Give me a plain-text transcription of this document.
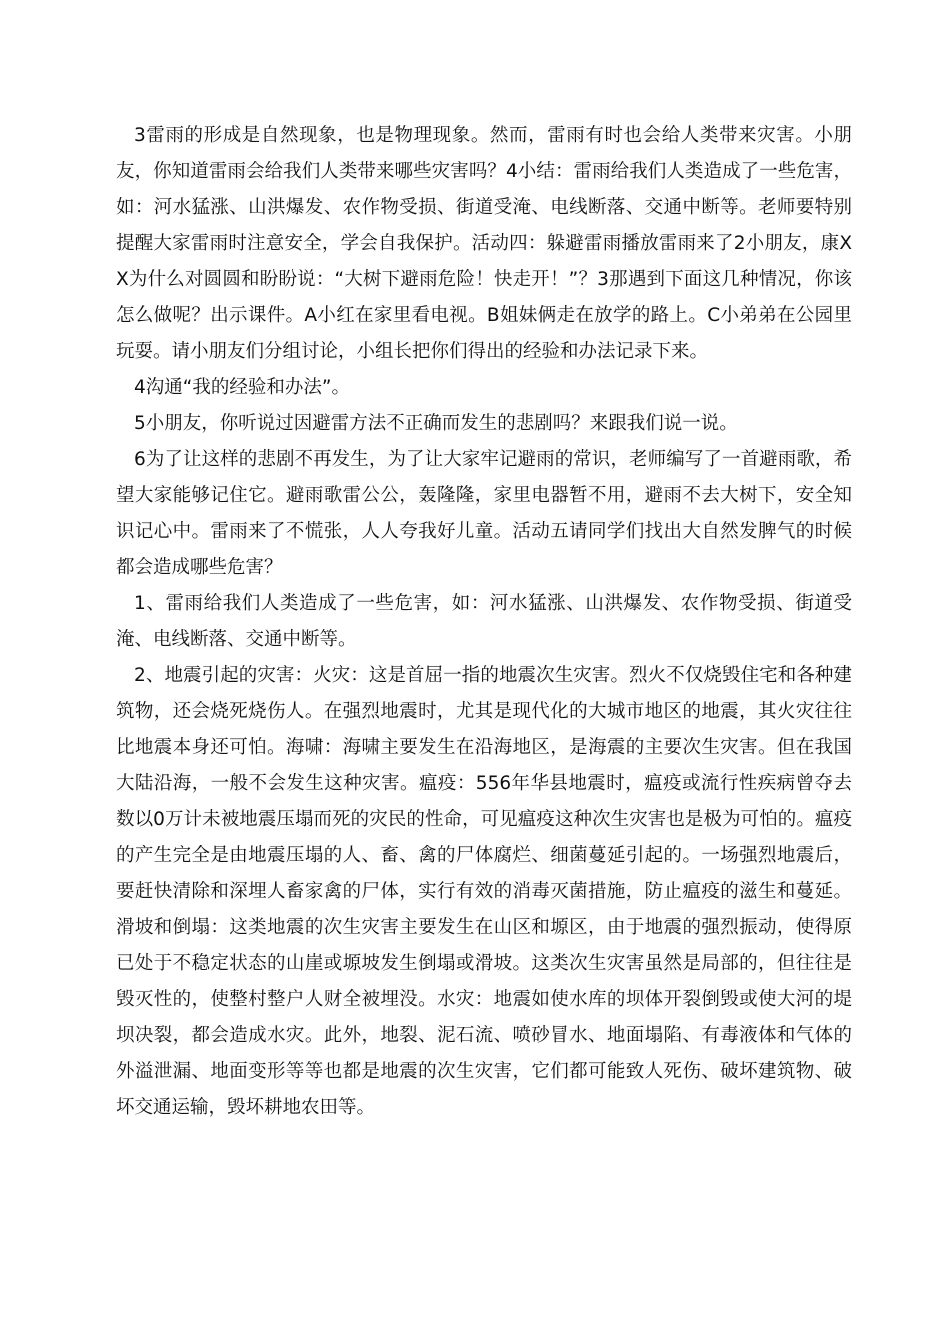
3雷雨的形成是自然现象，也是物理现象。然而，雷雨有时也会给人类带来灾害。小朋友，你知道雷雨会给我们人类带来哪些灾害吗？4小结：雷雨给我们人类造成了一些危害，如：河水猛涨、山洪爆发、农作物受损、街道受淹、电线断落、交通中断等。老师要特别提醒大家雷雨时注意安全，学会自我保护。活动四：躲避雷雨播放雷雨来了2小朋友，康XX为什么对圆圆和盼盼说：“大树下避雨危险！快走开！”？3那遇到下面这几种情况，你该怎么做呢？出示课件。A小红在家里看电视。B姐妹俩走在放学的路上。C小弟弟在公园里玩耍。请小朋友们分组讨论，小组长把你们得出的经验和办法记录下来。

4沟通“我的经验和办法”。

5小朋友，你听说过因避雷方法不正确而发生的悲剧吗？来跟我们说一说。

6为了让这样的悲剧不再发生，为了让大家牢记避雨的常识，老师编写了一首避雨歌，希望大家能够记住它。避雨歌雷公公，轰隆隆，家里电器暂不用，避雨不去大树下，安全知识记心中。雷雨来了不慌张，人人夸我好儿童。活动五请同学们找出大自然发脾气的时候都会造成哪些危害？

1、雷雨给我们人类造成了一些危害，如：河水猛涨、山洪爆发、农作物受损、街道受淹、电线断落、交通中断等。

2、地震引起的灾害：火灾：这是首屈一指的地震次生灾害。烈火不仅烧毁住宅和各种建筑物，还会烧死烧伤人。在强烈地震时，尤其是现代化的大城市地区的地震，其火灾往往比地震本身还可怕。海啸：海啸主要发生在沿海地区，是海震的主要次生灾害。但在我国大陆沿海，一般不会发生这种灾害。瘟疫：556年华县地震时，瘟疫或流行性疾病曾夺去数以0万计未被地震压塌而死的灾民的性命，可见瘟疫这种次生灾害也是极为可怕的。瘟疫的产生完全是由地震压塌的人、畜、禽的尸体腐烂、细菌蔓延引起的。一场强烈地震后，要赶快清除和深埋人畜家禽的尸体，实行有效的消毒灭菌措施，防止瘟疫的滋生和蔓延。滑坡和倒塌：这类地震的次生灾害主要发生在山区和塬区，由于地震的强烈振动，使得原已处于不稳定状态的山崖或塬坡发生倒塌或滑坡。这类次生灾害虽然是局部的，但往往是毁灭性的，使整村整户人财全被埋没。水灾：地震如使水库的坝体开裂倒毁或使大河的堤坝决裂，都会造成水灾。此外，地裂、泥石流、喷砂冒水、地面塌陷、有毒液体和气体的外溢泄漏、地面变形等等也都是地震的次生灾害，它们都可能致人死伤、破坏建筑物、破坏交通运输，毁坏耕地农田等。
